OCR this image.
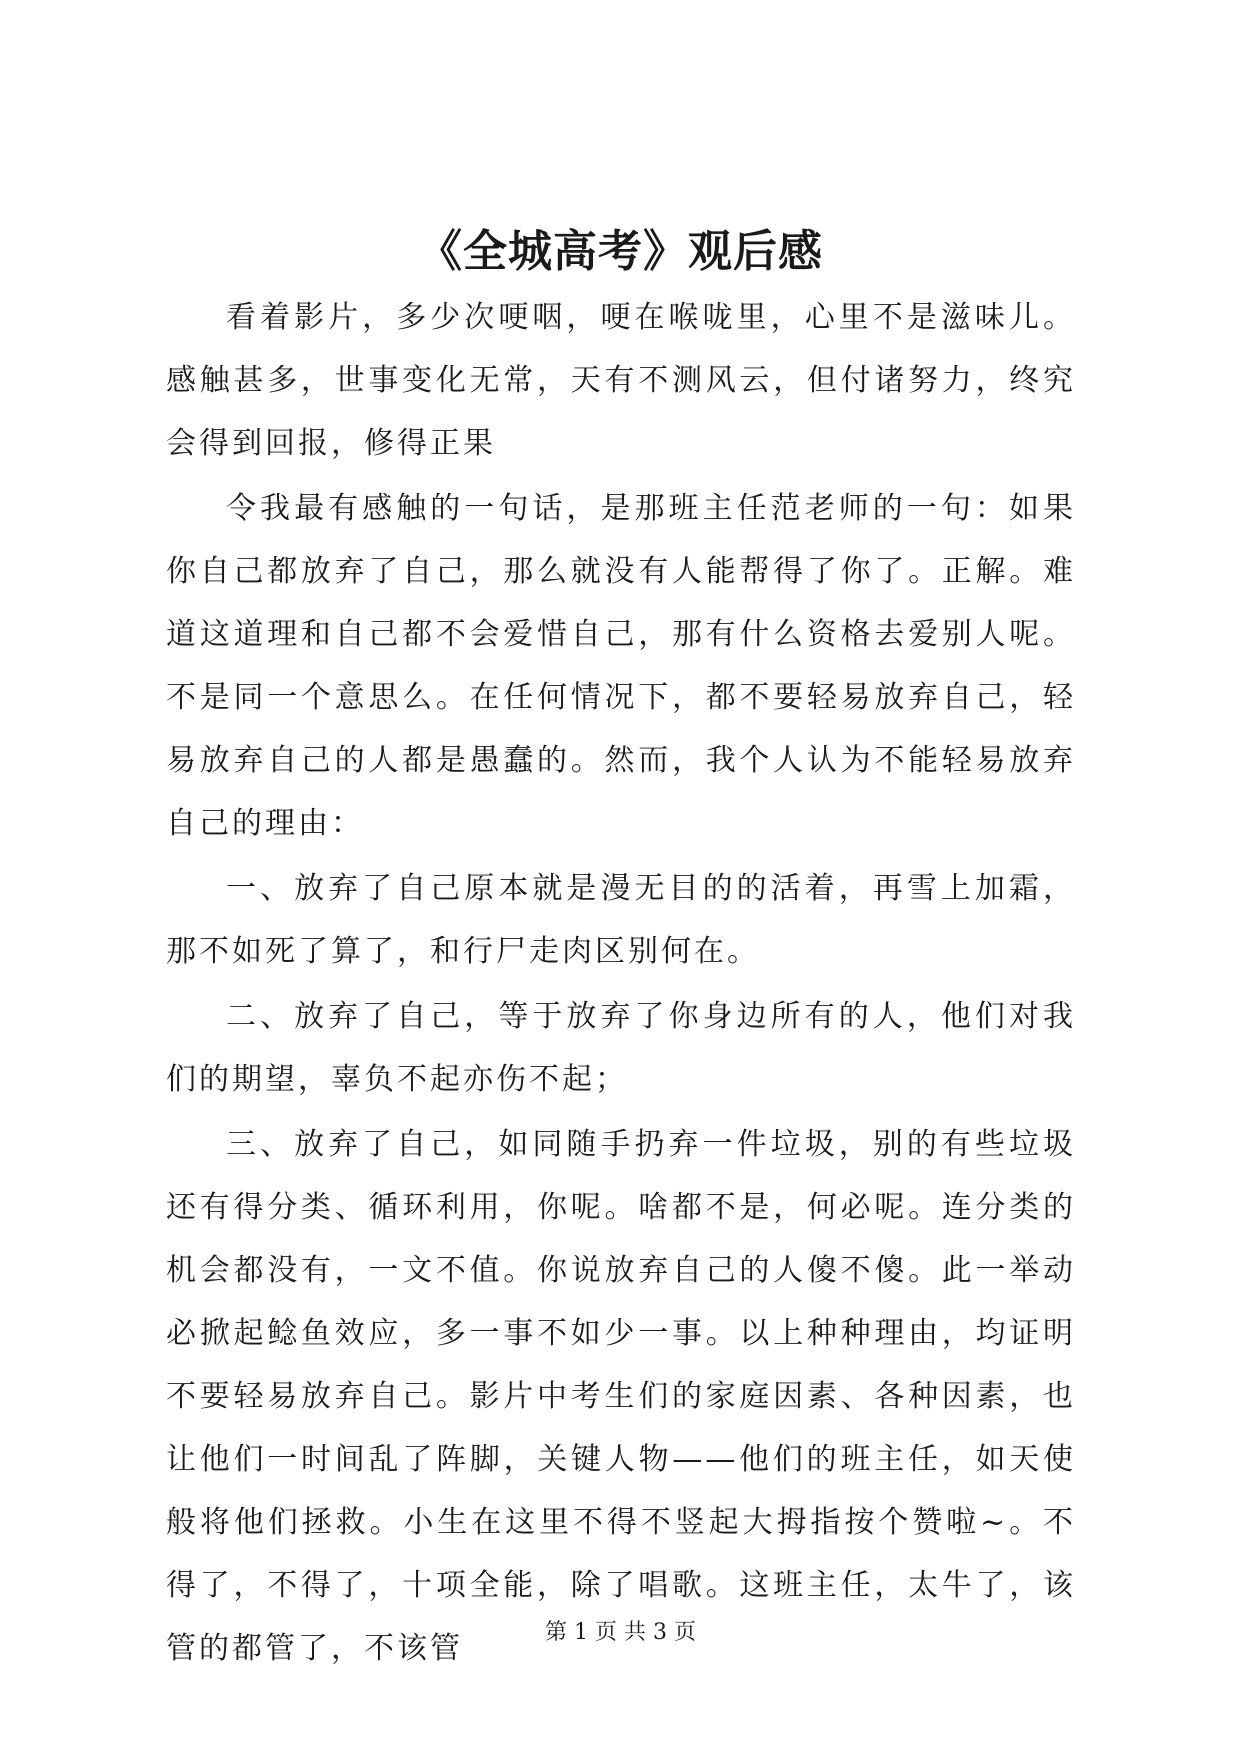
《全城高考》观后感

看着影片，多少次哽咽，哽在喉咙里，心里不是滋味儿。感触甚多，世事变化无常，天有不测风云，但付诸努力，终究会得到回报，修得正果

令我最有感触的一句话，是那班主任范老师的一句：如果你自己都放弃了自己，那么就没有人能帮得了你了。正解。难道这道理和自己都不会爱惜自己，那有什么资格去爱别人呢。不是同一个意思么。在任何情况下，都不要轻易放弃自己，轻易放弃自己的人都是愚蠢的。然而，我个人认为不能轻易放弃自己的理由：

一、放弃了自己原本就是漫无目的的活着，再雪上加霜，那不如死了算了，和行尸走肉区别何在。

二、放弃了自己，等于放弃了你身边所有的人，他们对我们的期望，辜负不起亦伤不起；

三、放弃了自己，如同随手扔弃一件垃圾，别的有些垃圾还有得分类、循环利用，你呢。啥都不是，何必呢。连分类的机会都没有，一文不值。你说放弃自己的人傻不傻。此一举动必掀起鲶鱼效应，多一事不如少一事。以上种种理由，均证明不要轻易放弃自己。影片中考生们的家庭因素、各种因素，也让他们一时间乱了阵脚，关键人物——他们的班主任，如天使般将他们拯救。小生在这里不得不竖起大拇指按个赞啦~。不得了，不得了，十项全能，除了唱歌。这班主任，太牛了，该管的都管了，不该管	第 1 页 共 3 页
